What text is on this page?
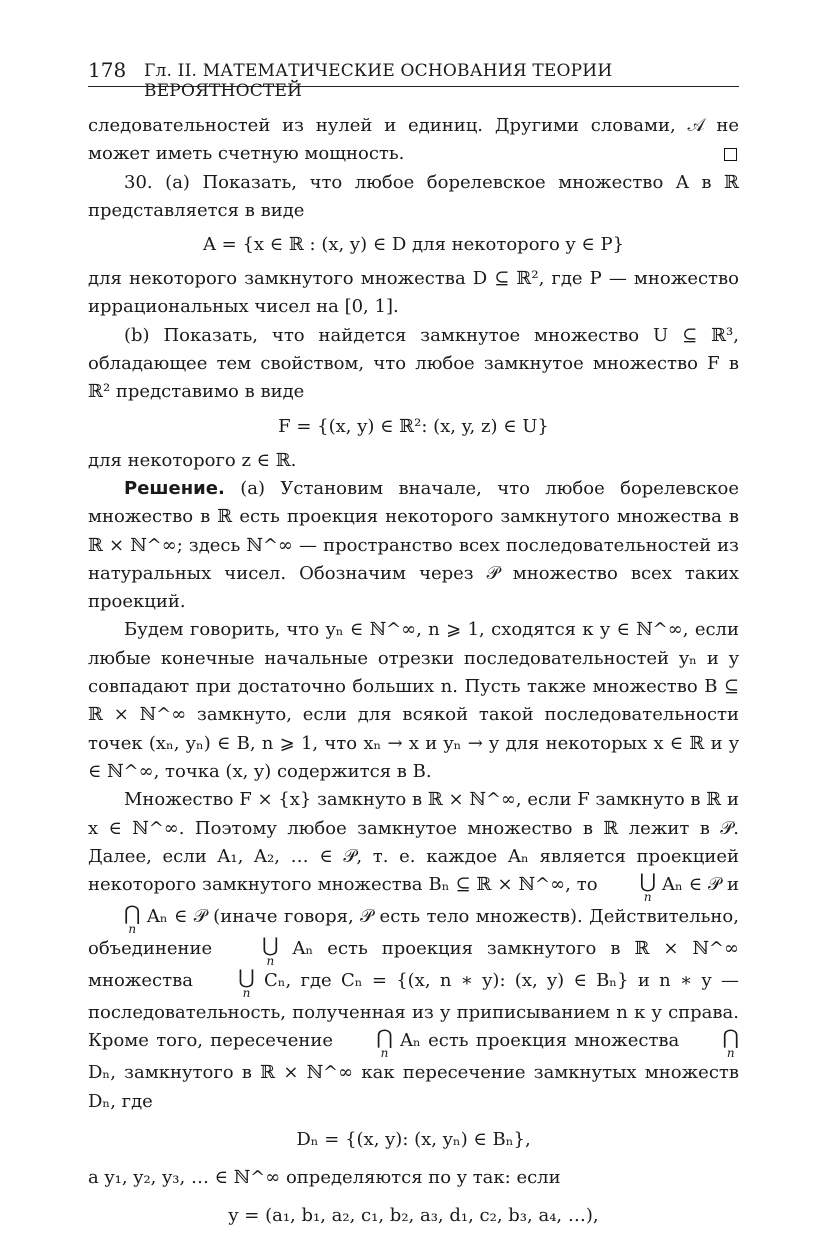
178 Гл. II. МАТЕМАТИЧЕСКИЕ ОСНОВАНИЯ ТЕОРИИ ВЕРОЯТНОСТЕЙ

следовательностей из нулей и единиц. Другими словами, 𝒜 не может иметь счетную мощность.

30. (a) Показать, что любое борелевское множество A в ℝ представляется в виде

A = {x ∈ ℝ : (x, y) ∈ D для некоторого y ∈ P}

для некоторого замкнутого множества D ⊆ ℝ², где P — множество иррациональных чисел на [0, 1].

(b) Показать, что найдется замкнутое множество U ⊆ ℝ³, обладающее тем свойством, что любое замкнутое множество F в ℝ² представимо в виде

F = {(x, y) ∈ ℝ²: (x, y, z) ∈ U}

для некоторого z ∈ ℝ.

Решение. (a) Установим вначале, что любое борелевское множество в ℝ есть проекция некоторого замкнутого множества в ℝ × ℕ^∞; здесь ℕ^∞ — пространство всех последовательностей из натуральных чисел. Обозначим через 𝒫 множество всех таких проекций.

Будем говорить, что yₙ ∈ ℕ^∞, n ⩾ 1, сходятся к y ∈ ℕ^∞, если любые конечные начальные отрезки последовательностей yₙ и y совпадают при достаточно больших n. Пусть также множество B ⊆ ℝ × ℕ^∞ замкнуто, если для всякой такой последовательности точек (xₙ, yₙ) ∈ B, n ⩾ 1, что xₙ → x и yₙ → y для некоторых x ∈ ℝ и y ∈ ℕ^∞, точка (x, y) содержится в B.

Множество F × {x} замкнуто в ℝ × ℕ^∞, если F замкнуто в ℝ и x ∈ ℕ^∞. Поэтому любое замкнутое множество в ℝ лежит в 𝒫. Далее, если A₁, A₂, … ∈ 𝒫, т. е. каждое Aₙ является проекцией некоторого замкнутого множества Bₙ ⊆ ℝ × ℕ^∞, то	⋃
n
Aₙ ∈ 𝒫 и
⋂
n
Aₙ ∈ 𝒫 (иначе говоря, 𝒫 есть тело множеств). Действительно, объединение	⋃
n
Aₙ есть проекция замкнутого в ℝ × ℕ^∞ множества	⋃
n
Cₙ, где Cₙ = {(x, n ∗ y): (x, y) ∈ Bₙ} и n ∗ y — последовательность, полученная из y приписыванием n к y справа. Кроме того, пересечение	⋂
n
Aₙ есть проекция множества	⋂
n
Dₙ, замкнутого в ℝ × ℕ^∞ как пересечение замкнутых множеств Dₙ, где

Dₙ = {(x, y): (x, yₙ) ∈ Bₙ},

а y₁, y₂, y₃, … ∈ ℕ^∞ определяются по y так: если

y = (a₁, b₁, a₂, c₁, b₂, a₃, d₁, c₂, b₃, a₄, …),
